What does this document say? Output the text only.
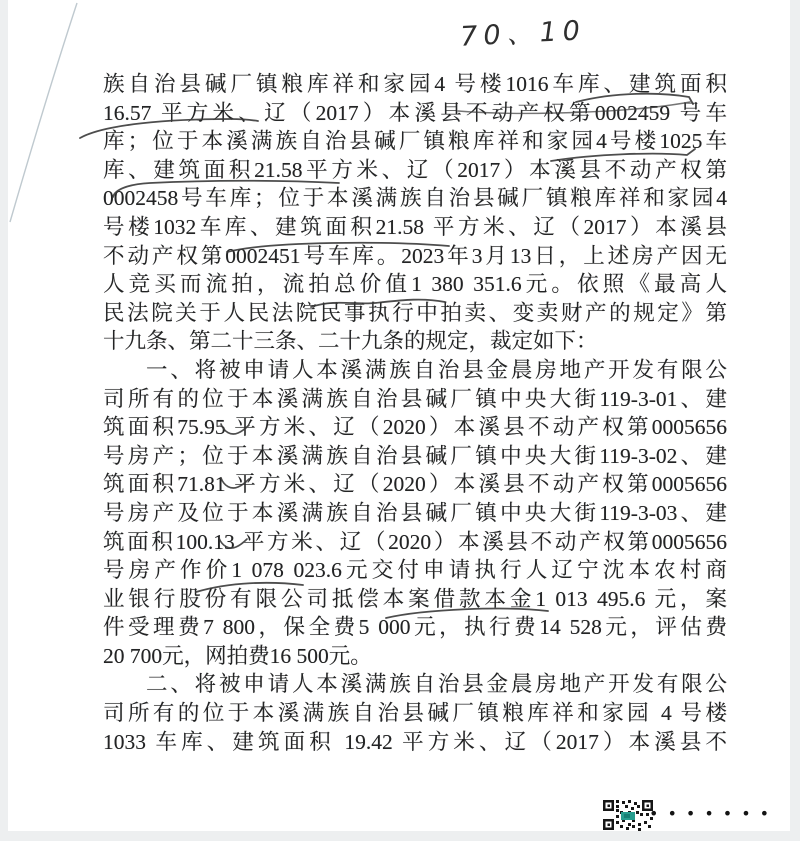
70、10
族自治县碱厂镇粮库祥和家园4 号楼1016车库、建筑面积
16.57 平方米、辽（2017）本溪县不动产权第0002459 号车
库；位于本溪满族自治县碱厂镇粮库祥和家园4号楼1025车
库、建筑面积21.58平方米、辽（2017）本溪县不动产权第
0002458号车库；位于本溪满族自治县碱厂镇粮库祥和家园4
号楼1032车库、建筑面积21.58 平方米、辽（2017）本溪县
不动产权第0002451号车库。2023年3月13日，上述房产因无
人竞买而流拍，流拍总价值1 380 351.6元。依照《最高人
民法院关于人民法院民事执行中拍卖、变卖财产的规定》第
十九条、第二十三条、二十九条的规定，裁定如下：
一、将被申请人本溪满族自治县金晨房地产开发有限公
司所有的位于本溪满族自治县碱厂镇中央大街119-3-01、建
筑面积75.95 平方米、辽（2020）本溪县不动产权第0005656
号房产；位于本溪满族自治县碱厂镇中央大街119-3-02、建
筑面积71.81 平方米、辽（2020）本溪县不动产权第0005656
号房产及位于本溪满族自治县碱厂镇中央大街119-3-03、建
筑面积100.13 平方米、辽（2020）本溪县不动产权第0005656
号房产作价1 078 023.6元交付申请执行人辽宁沈本农村商
业银行股份有限公司抵偿本案借款本金1 013 495.6 元，案
件受理费7 800，保全费5 000元，执行费14 528元，评估费
20 700元，网拍费16 500元。
二、将被申请人本溪满族自治县金晨房地产开发有限公
司所有的位于本溪满族自治县碱厂镇粮库祥和家园 4 号楼
1033 车库、建筑面积 19.42 平方米、辽（2017）本溪县不
•••••••
